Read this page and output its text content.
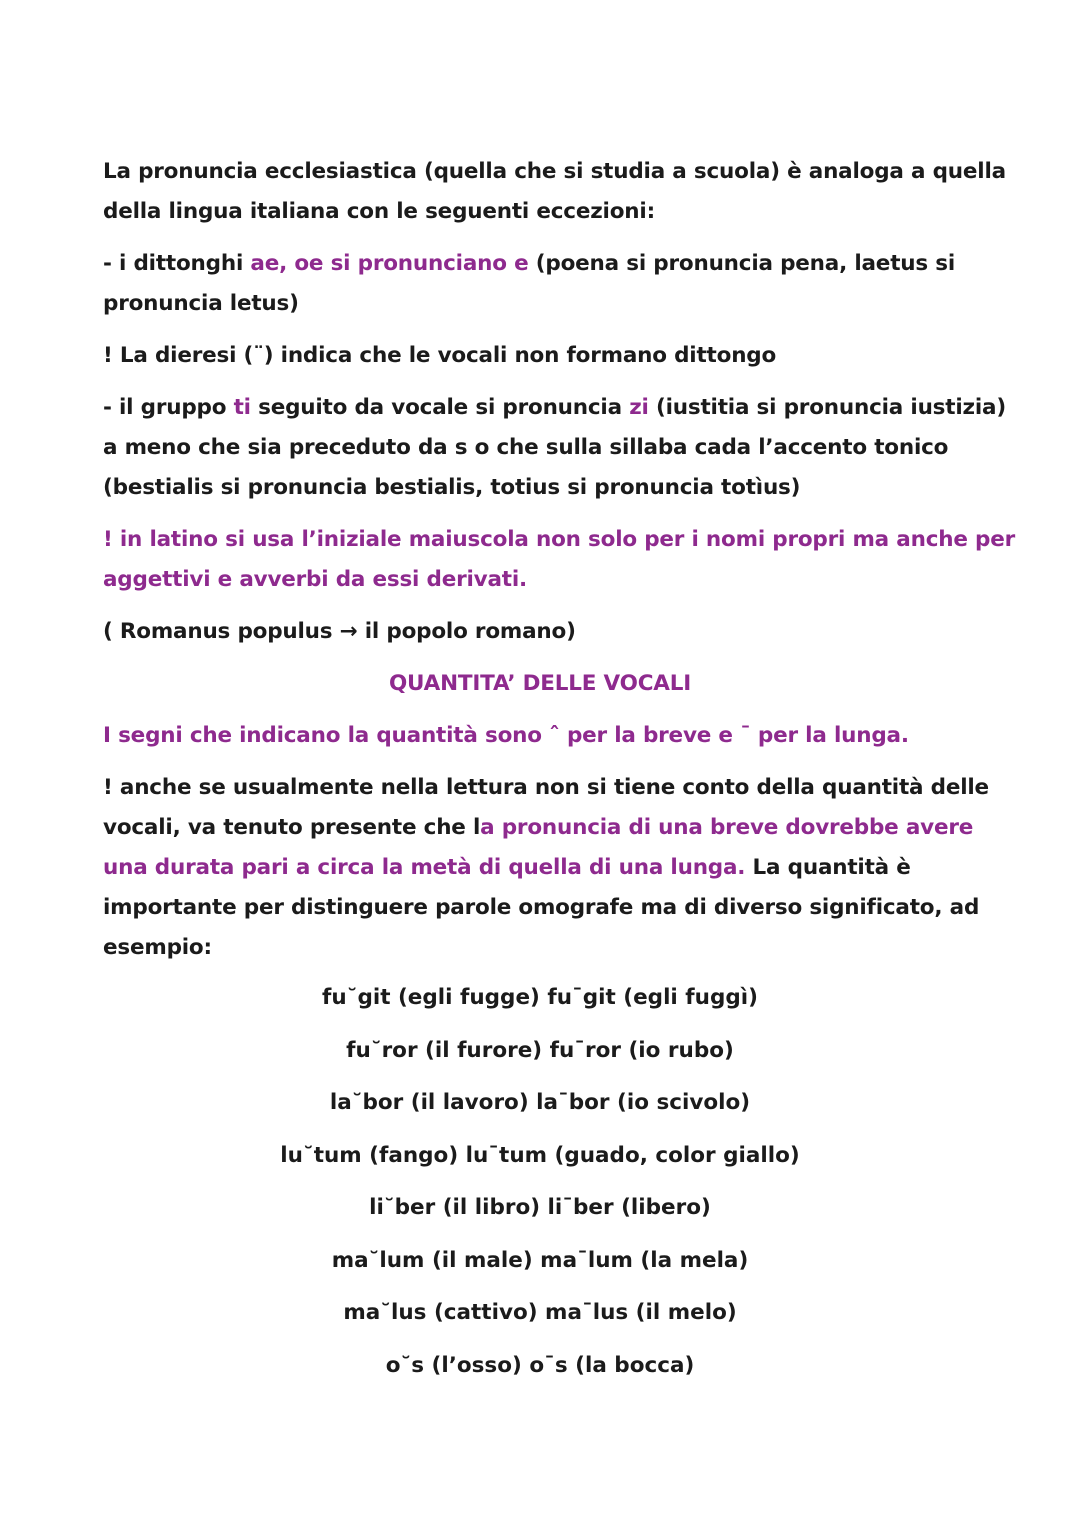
La pronuncia ecclesiastica (quella che si studia a scuola) è analoga a quella
della lingua italiana con le seguenti eccezioni:
- i dittonghi ae, oe si pronunciano e (poena si pronuncia pena, laetus si
pronuncia letus)
! La dieresi (¨) indica che le vocali non formano dittongo
- il gruppo ti seguito da vocale si pronuncia zi (iustitia si pronuncia iustizia)
a meno che sia preceduto da s o che sulla sillaba cada l’accento tonico
(bestialis si pronuncia bestialis, totius si pronuncia totìus)
! in latino si usa l’iniziale maiuscola non solo per i nomi propri ma anche per
aggettivi e avverbi da essi derivati.
( Romanus populus → il popolo romano)
QUANTITA’ DELLE VOCALI
I segni che indicano la quantità sono ˆ per la breve e ˉ per la lunga.
! anche se usualmente nella lettura non si tiene conto della quantità delle
vocali, va tenuto presente che la pronuncia di una breve dovrebbe avere
una durata pari a circa la metà di quella di una lunga. La quantità è
importante per distinguere parole omografe ma di diverso significato, ad
esempio:
fu˘git (egli fugge) fuˉgit (egli fuggì)
fu˘ror (il furore) fuˉror (io rubo)
la˘bor (il lavoro) laˉbor (io scivolo)
lu˘tum (fango) luˉtum (guado, color giallo)
li˘ber (il libro) liˉber (libero)
ma˘lum (il male) maˉlum (la mela)
ma˘lus (cattivo) maˉlus (il melo)
o˘s (l’osso) oˉs (la bocca)
